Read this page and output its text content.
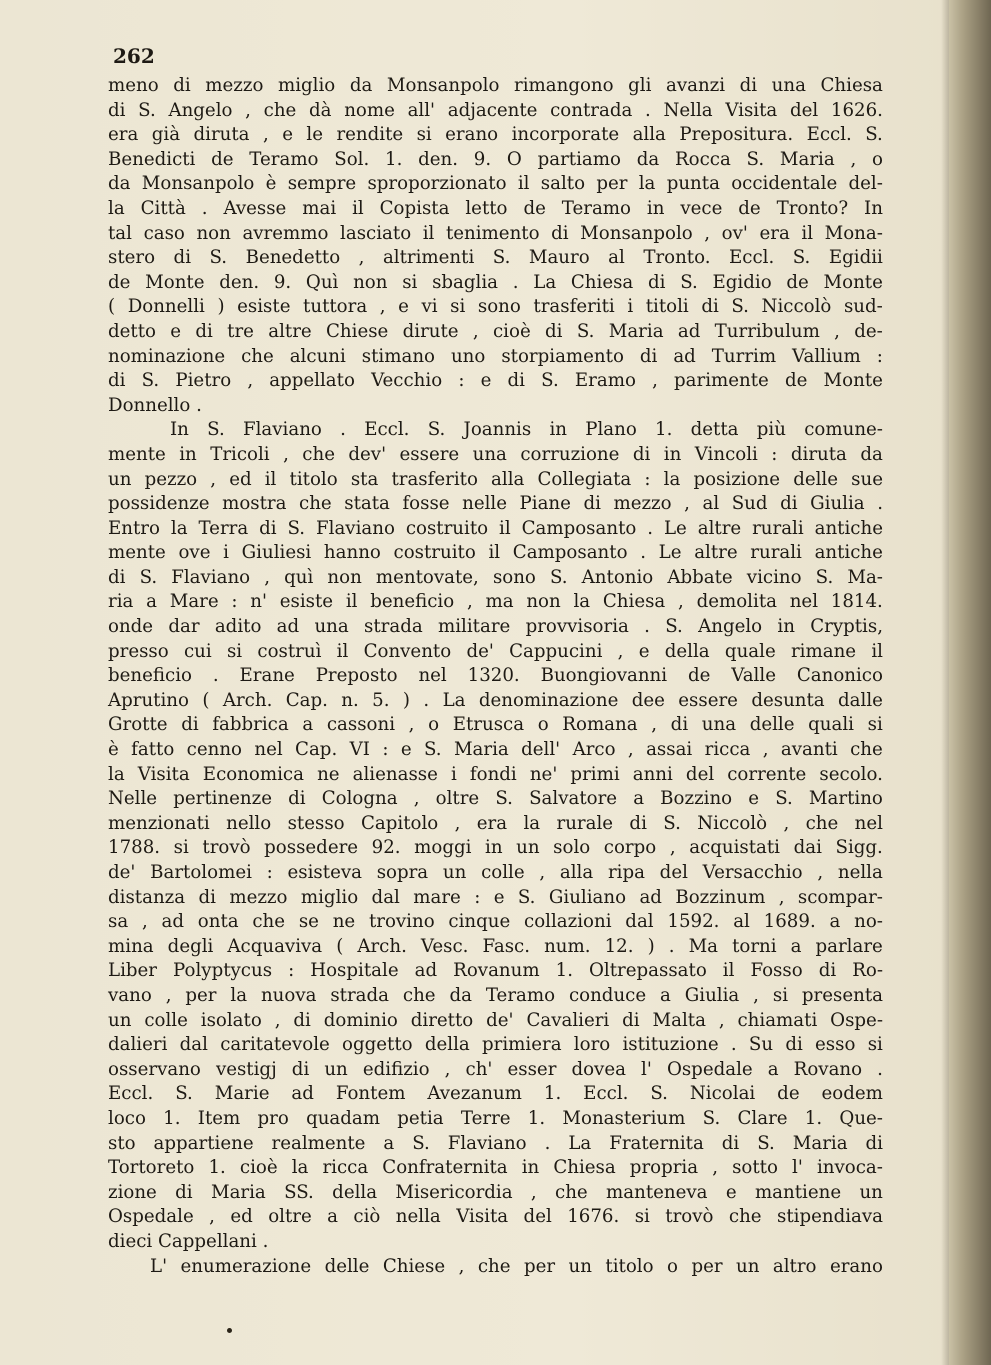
262
meno di mezzo miglio da Monsanpolo rimangono gli avanzi di una Chiesa
di S. Angelo , che dà nome all' adjacente contrada . Nella Visita del 1626.
era già diruta , e le rendite si erano incorporate alla Prepositura. Eccl. S.
Benedicti de Teramo Sol. 1. den. 9. O partiamo da Rocca S. Maria , o
da Monsanpolo è sempre sproporzionato il salto per la punta occidentale del-
la Città . Avesse mai il Copista letto de Teramo in vece de Tronto? In
tal caso non avremmo lasciato il tenimento di Monsanpolo , ov' era il Mona-
stero di S. Benedetto , altrimenti S. Mauro al Tronto. Eccl. S. Egidii
de Monte den. 9. Quì non si sbaglia . La Chiesa di S. Egidio de Monte
( Donnelli ) esiste tuttora , e vi si sono trasferiti i titoli di S. Niccolò sud-
detto e di tre altre Chiese dirute , cioè di S. Maria ad Turribulum , de-
nominazione che alcuni stimano uno storpiamento di ad Turrim Vallium :
di S. Pietro , appellato Vecchio : e di S. Eramo , parimente de Monte
Donnello .
In S. Flaviano . Eccl. S. Joannis in Plano 1. detta più comune-
mente in Tricoli , che dev' essere una corruzione di in Vincoli : diruta da
un pezzo , ed il titolo sta trasferito alla Collegiata : la posizione delle sue
possidenze mostra che stata fosse nelle Piane di mezzo , al Sud di Giulia .
Entro la Terra di S. Flaviano costruito il Camposanto . Le altre rurali antiche
mente ove i Giuliesi hanno costruito il Camposanto . Le altre rurali antiche
di S. Flaviano , quì non mentovate, sono S. Antonio Abbate vicino S. Ma-
ria a Mare : n' esiste il beneficio , ma non la Chiesa , demolita nel 1814.
onde dar adito ad una strada militare provvisoria . S. Angelo in Cryptis,
presso cui si costruì il Convento de' Cappucini , e della quale rimane il
beneficio . Erane Preposto nel 1320. Buongiovanni de Valle Canonico
Aprutino ( Arch. Cap. n. 5. ) . La denominazione dee essere desunta dalle
Grotte di fabbrica a cassoni , o Etrusca o Romana , di una delle quali si
è fatto cenno nel Cap. VI : e S. Maria dell' Arco , assai ricca , avanti che
la Visita Economica ne alienasse i fondi ne' primi anni del corrente secolo.
Nelle pertinenze di Cologna , oltre S. Salvatore a Bozzino e S. Martino
menzionati nello stesso Capitolo , era la rurale di S. Niccolò , che nel
1788. si trovò possedere 92. moggi in un solo corpo , acquistati dai Sigg.
de' Bartolomei : esisteva sopra un colle , alla ripa del Versacchio , nella
distanza di mezzo miglio dal mare : e S. Giuliano ad Bozzinum , scompar-
sa , ad onta che se ne trovino cinque collazioni dal 1592. al 1689. a no-
mina degli Acquaviva ( Arch. Vesc. Fasc. num. 12. ) . Ma torni a parlare
Liber Polyptycus : Hospitale ad Rovanum 1. Oltrepassato il Fosso di Ro-
vano , per la nuova strada che da Teramo conduce a Giulia , si presenta
un colle isolato , di dominio diretto de' Cavalieri di Malta , chiamati Ospe-
dalieri dal caritatevole oggetto della primiera loro istituzione . Su di esso si
osservano vestigj di un edifizio , ch' esser dovea l' Ospedale a Rovano .
Eccl. S. Marie ad Fontem Avezanum 1. Eccl. S. Nicolai de eodem
loco 1. Item pro quadam petia Terre 1. Monasterium S. Clare 1. Que-
sto appartiene realmente a S. Flaviano . La Fraternita di S. Maria di
Tortoreto 1. cioè la ricca Confraternita in Chiesa propria , sotto l' invoca-
zione di Maria SS. della Misericordia , che manteneva e mantiene un
Ospedale , ed oltre a ciò nella Visita del 1676. si trovò che stipendiava
dieci Cappellani .
L' enumerazione delle Chiese , che per un titolo o per un altro erano
